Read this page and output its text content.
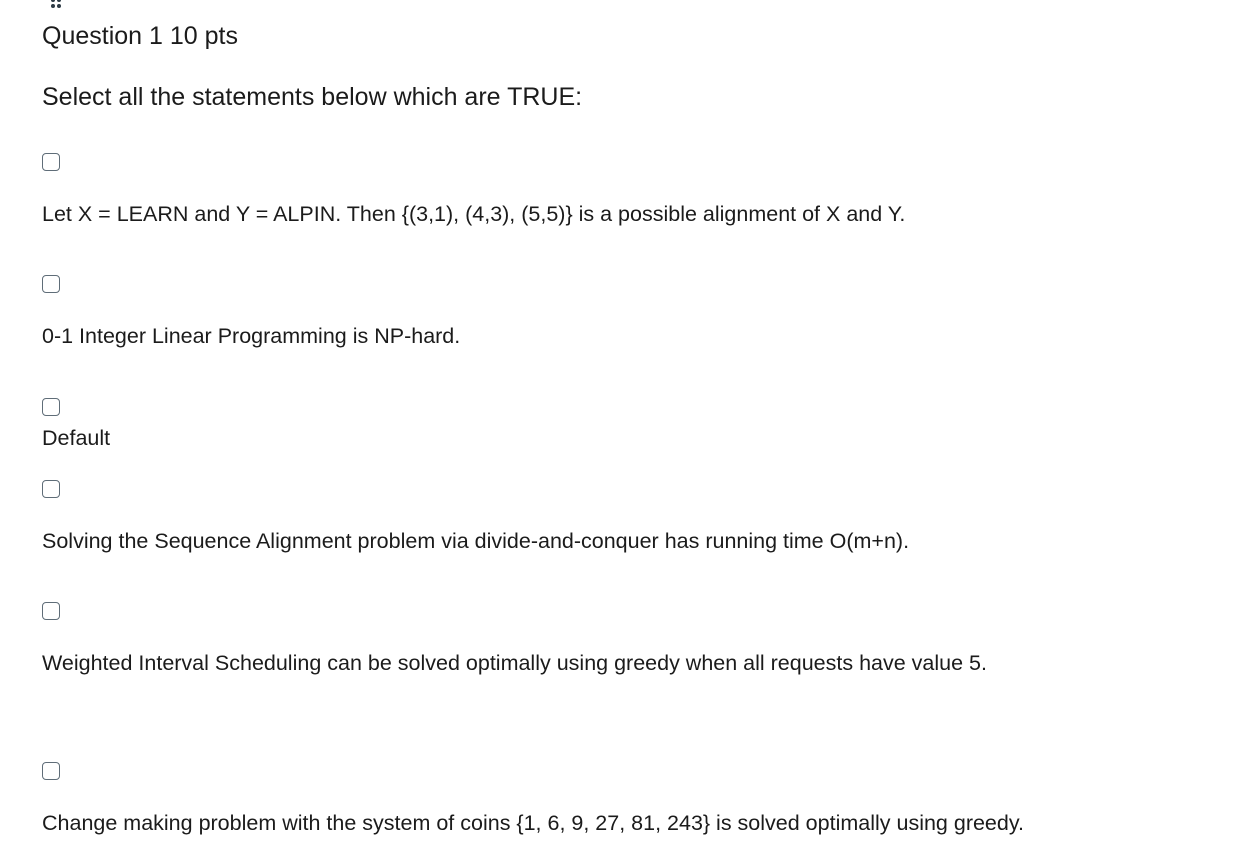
Question 1 10 pts
Select all the statements below which are TRUE:
Let X = LEARN and Y = ALPIN. Then {(3,1), (4,3), (5,5)} is a possible alignment of X and Y.
0-1 Integer Linear Programming is NP-hard.
Default
Solving the Sequence Alignment problem via divide-and-conquer has running time O(m+n).
Weighted Interval Scheduling can be solved optimally using greedy when all requests have value 5.
Change making problem with the system of coins {1, 6, 9, 27, 81, 243} is solved optimally using greedy.
